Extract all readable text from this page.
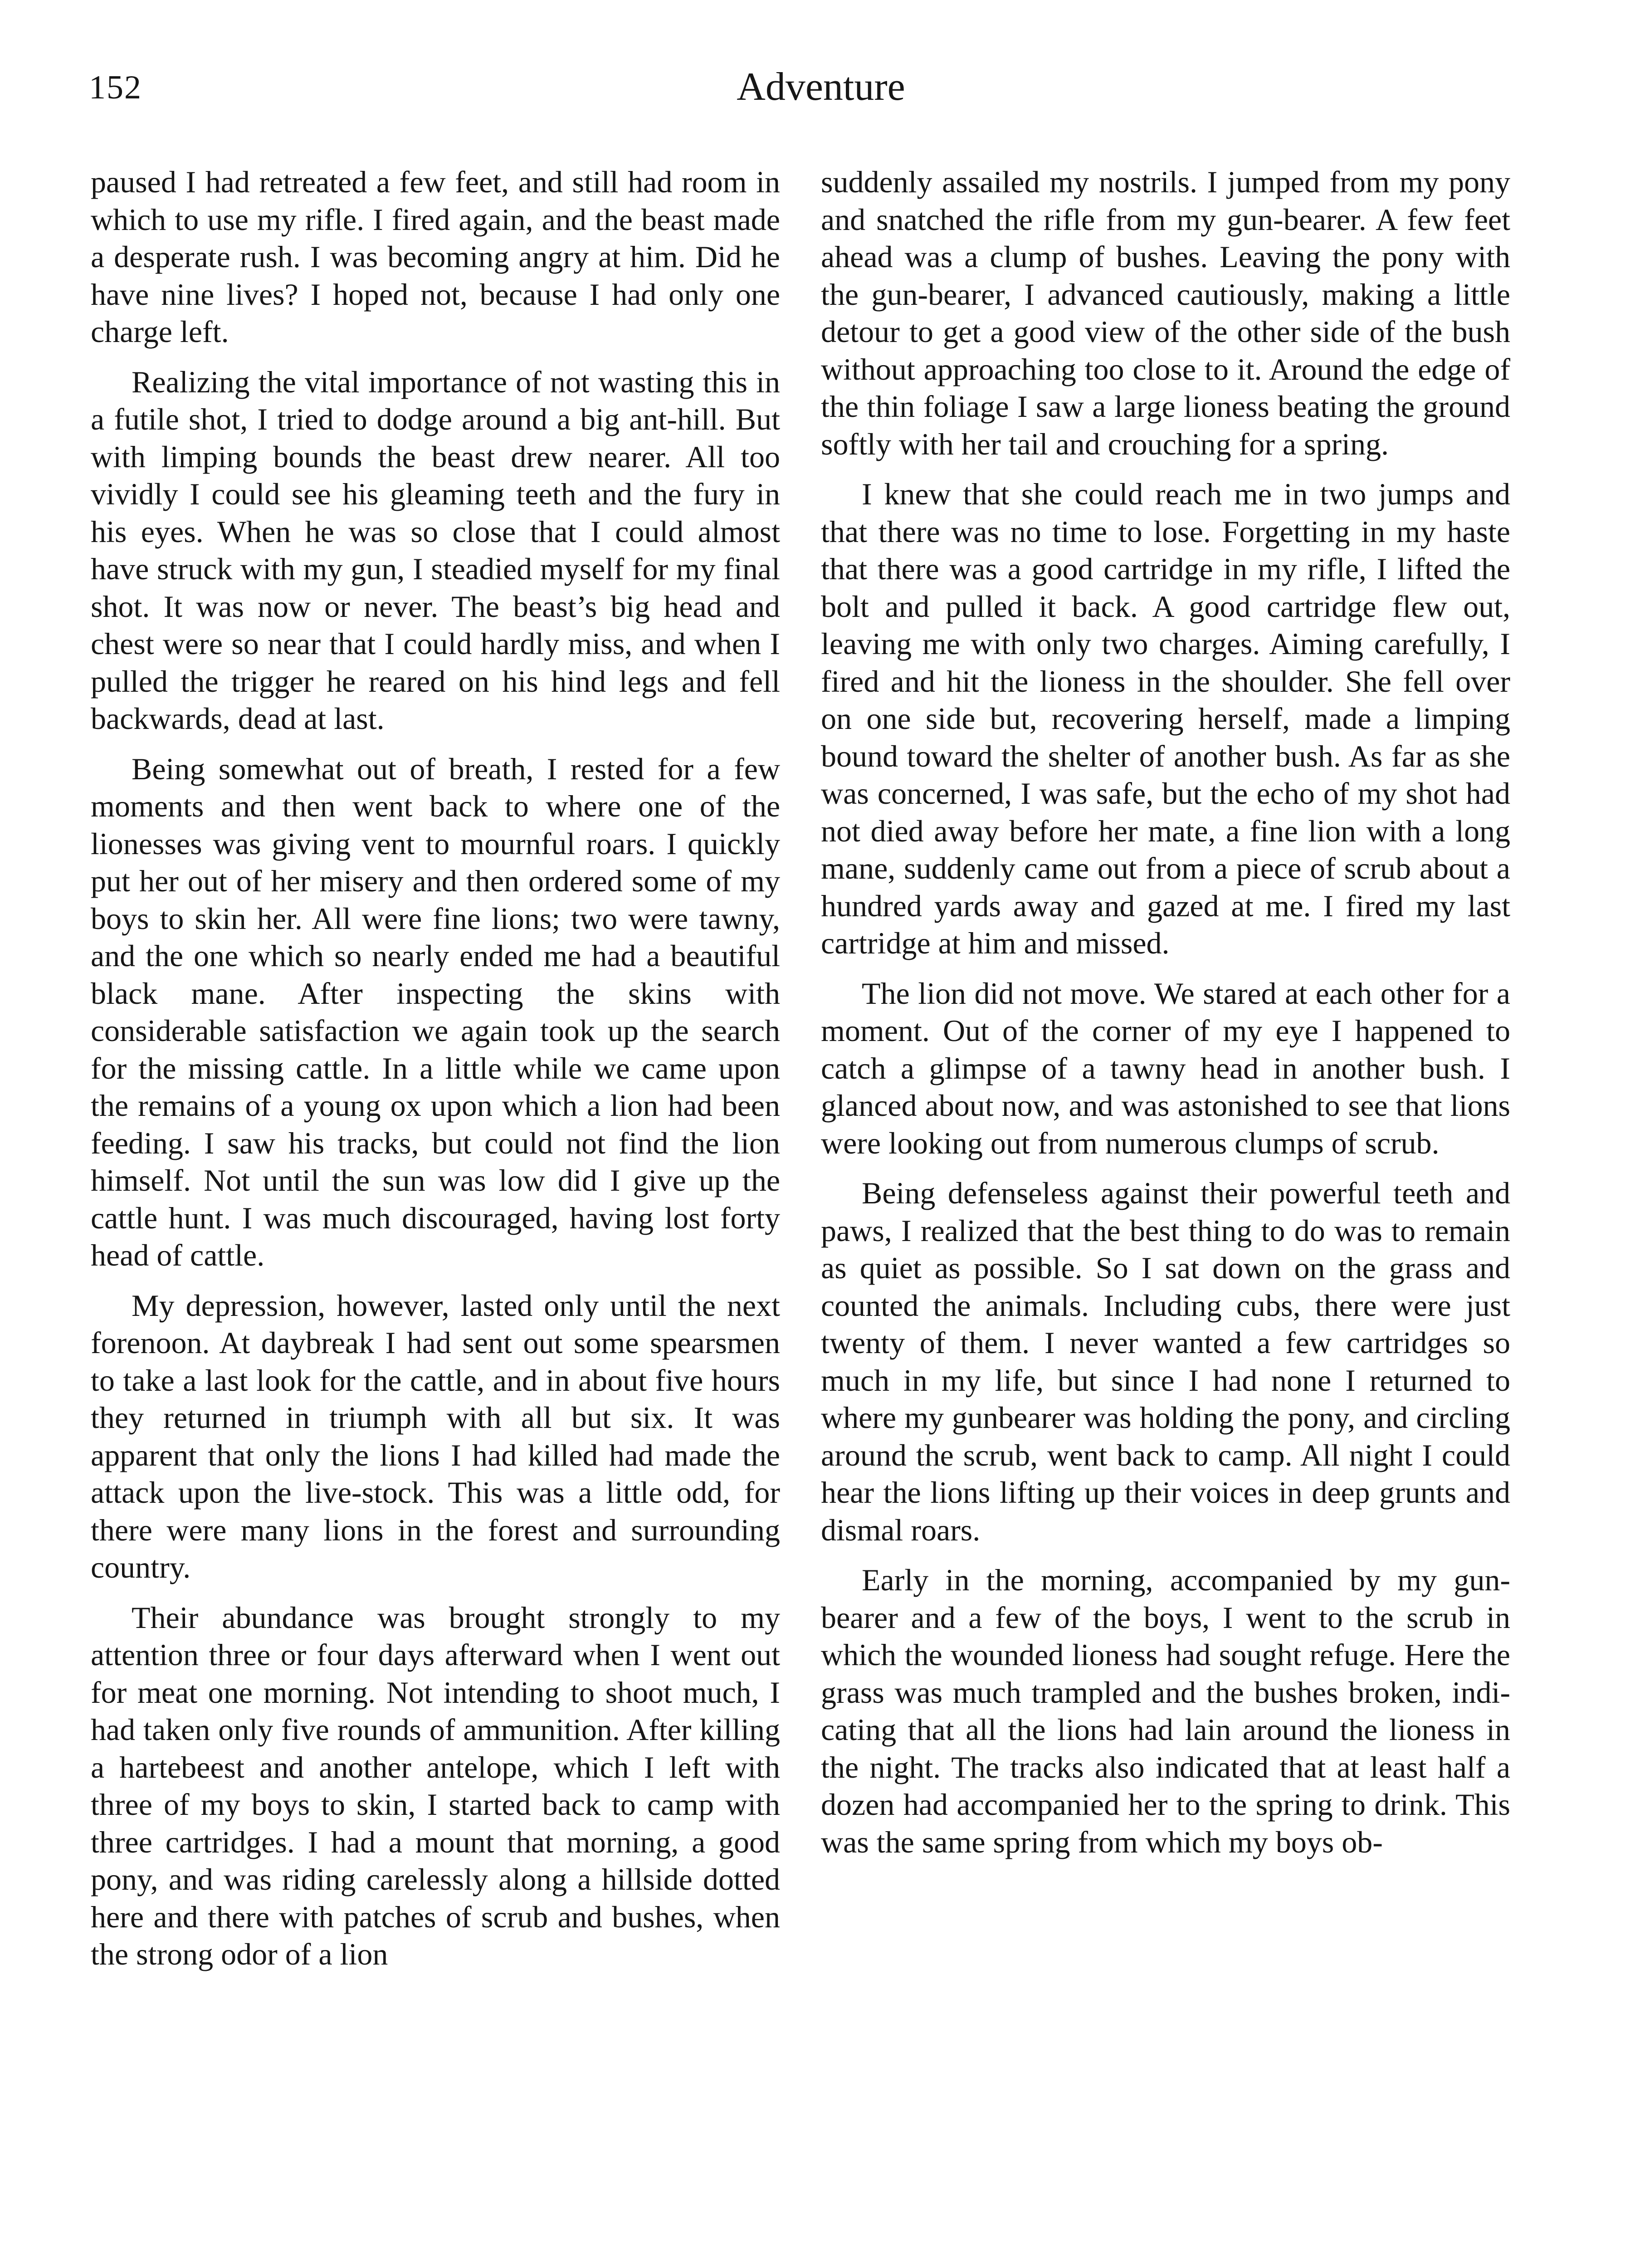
152	Adventure

paused I had retreated a few feet, and still had room in which to use my rifle. I fired again, and the beast made a desperate rush. I was becoming angry at him. Did he have nine lives? I hoped not, because I had only one charge left.

Realizing the vital importance of not wasting this in a futile shot, I tried to dodge around a big ant-hill. But with limping bounds the beast drew nearer. All too vividly I could see his gleaming teeth and the fury in his eyes. When he was so close that I could almost have struck with my gun, I steadied myself for my final shot. It was now or never. The beast’s big head and chest were so near that I could hardly miss, and when I pulled the trigger he reared on his hind legs and fell backwards, dead at last.

Being somewhat out of breath, I rested for a few moments and then went back to where one of the lionesses was giving vent to mournful roars. I quickly put her out of her misery and then ordered some of my boys to skin her. All were fine lions; two were tawny, and the one which so nearly ended me had a beautiful black mane. After inspecting the skins with considerable satisfaction we again took up the search for the missing cattle. In a little while we came upon the remains of a young ox upon which a lion had been feeding. I saw his tracks, but could not find the lion himself. Not until the sun was low did I give up the cattle hunt. I was much discouraged, having lost forty head of cattle.

My depression, however, lasted only until the next forenoon. At daybreak I had sent out some spearsmen to take a last look for the cattle, and in about five hours they returned in triumph with all but six. It was apparent that only the lions I had killed had made the attack upon the live-stock. This was a little odd, for there were many lions in the forest and surrounding country.

Their abundance was brought strongly to my attention three or four days afterward when I went out for meat one morning. Not intending to shoot much, I had taken only five rounds of ammunition. After killing a hartebeest and another antelope, which I left with three of my boys to skin, I started back to camp with three cartridges. I had a mount that morning, a good pony, and was riding carelessly along a hillside dotted here and there with patches of scrub and bushes, when the strong odor of a lion

suddenly assailed my nostrils. I jumped from my pony and snatched the rifle from my gun-bearer. A few feet ahead was a clump of bushes. Leaving the pony with the gun-bearer, I advanced cautiously, making a little detour to get a good view of the other side of the bush without approaching too close to it. Around the edge of the thin foliage I saw a large lioness beating the ground softly with her tail and crouching for a spring.

I knew that she could reach me in two jumps and that there was no time to lose. Forgetting in my haste that there was a good cartridge in my rifle, I lifted the bolt and pulled it back. A good cartridge flew out, leaving me with only two charges. Aiming carefully, I fired and hit the lioness in the shoulder. She fell over on one side but, recovering herself, made a limping bound toward the shelter of another bush. As far as she was concerned, I was safe, but the echo of my shot had not died away before her mate, a fine lion with a long mane, suddenly came out from a piece of scrub about a hundred yards away and gazed at me. I fired my last cartridge at him and missed.

The lion did not move. We stared at each other for a moment. Out of the corner of my eye I happened to catch a glimpse of a tawny head in another bush. I glanced about now, and was astonished to see that lions were looking out from numerous clumps of scrub.

Being defenseless against their powerful teeth and paws, I realized that the best thing to do was to remain as quiet as possible. So I sat down on the grass and counted the animals. Including cubs, there were just twenty of them. I never wanted a few cartridges so much in my life, but since I had none I returned to where my gunbearer was holding the pony, and circling around the scrub, went back to camp. All night I could hear the lions lifting up their voices in deep grunts and dismal roars.

Early in the morning, accompanied by my gun-bearer and a few of the boys, I went to the scrub in which the wounded lioness had sought refuge. Here the grass was much trampled and the bushes broken, indicating that all the lions had lain around the lioness in the night. The tracks also indicated that at least half a dozen had accompanied her to the spring to drink. This was the same spring from which my boys ob-
